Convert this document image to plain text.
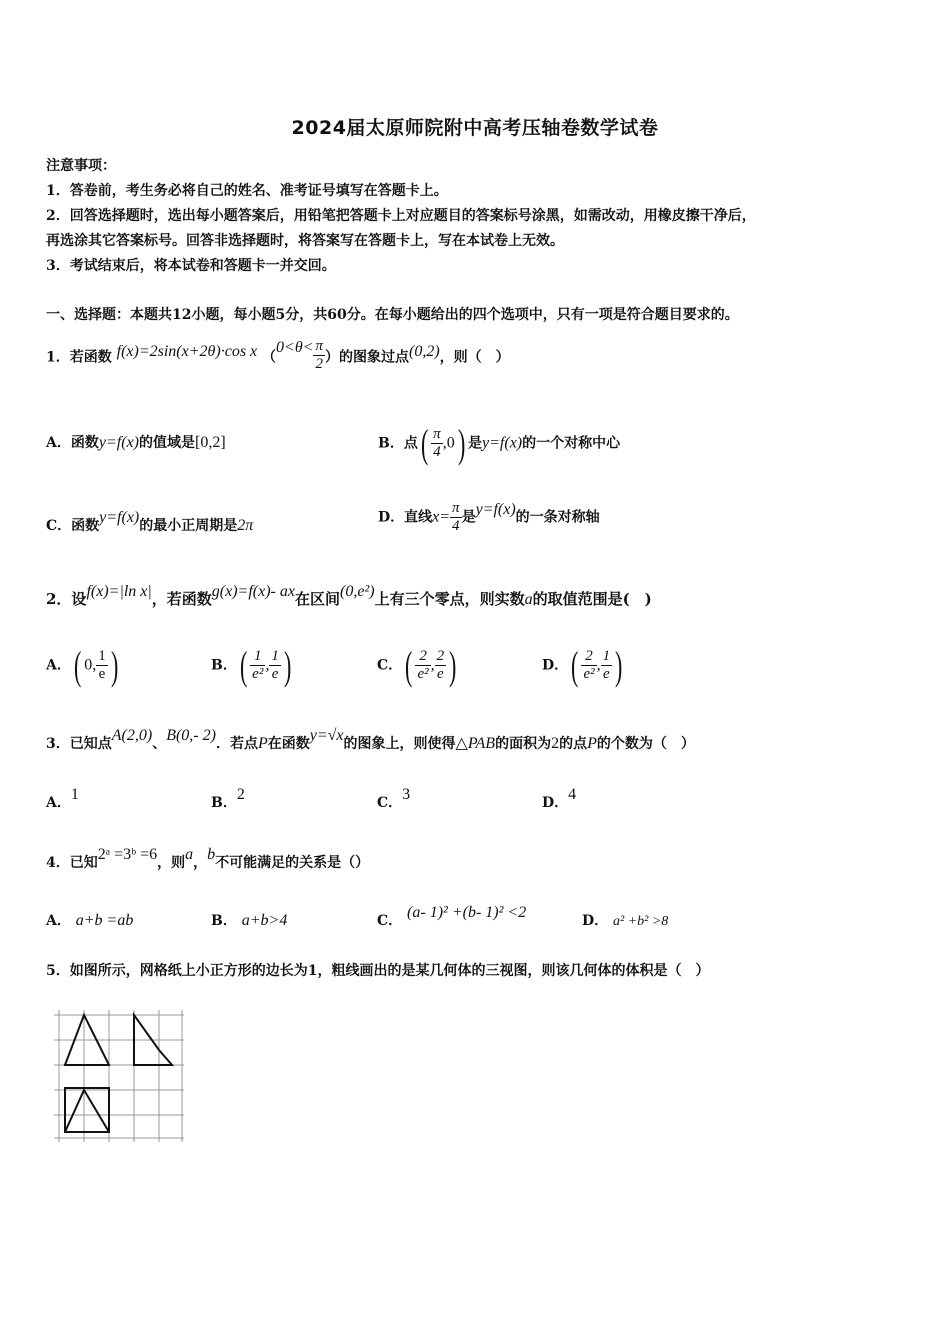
2024届太原师院附中高考压轴卷数学试卷
注意事项：
1．答卷前，考生务必将自己的姓名、准考证号填写在答题卡上。
2．回答选择题时，选出每小题答案后，用铅笔把答题卡上对应题目的答案标号涂黑，如需改动，用橡皮擦干净后，
再选涂其它答案标号。回答非选择题时，将答案写在答题卡上，写在本试卷上无效。
3．考试结束后，将本试卷和答题卡一并交回。
一、选择题：本题共12小题，每小题5分，共60分。在每小题给出的四个选项中，只有一项是符合题目要求的。
1．若函数 f(x)=2sin(x+2θ)·cos x （$0<\theta< \frac{\pi}{2}$ ）的图象过点(0,2)，则（　）
A．函数y=f(x)的值域是[0,2]	B．点( $\frac{\pi}{4} ,0$) 是y=f(x)的一个对称中心
C．函数y=f(x)的最小正周期是2π	D．直线$x= \frac{\pi}{4}$ 是y=f(x)的一条对称轴
2．设f(x)=|ln x|，若函数g(x)=f(x)- ax在区间(0,e²)上有三个零点，则实数a的取值范围是(　)
A．( 0, $\frac{1}{e}$ )	B．( $\frac{1}{\text{e²}}$ , $\frac{1}{e}$ )	C．( $\frac{2}{\text{e²}}$ , $\frac{2}{e}$ )	D．( $\frac{2}{\text{e²}}$ , $\frac{1}{e}$ )
3．已知点A(2,0)、B(0,- 2)．若点P在函数y=√x的图象上，则使得△PAB的面积为2的点P的个数为（　）
A．1	B．2	C．3	D．4
4．已知2ᵃ =3ᵇ =6，则a，b不可能满足的关系是（）
A． a+b =ab	B． a+b>4	C． (a- 1)² +(b- 1)² <2	D． a² +b² >8
5．如图所示，网格纸上小正方形的边长为1，粗线画出的是某几何体的三视图，则该几何体的体积是（　）
